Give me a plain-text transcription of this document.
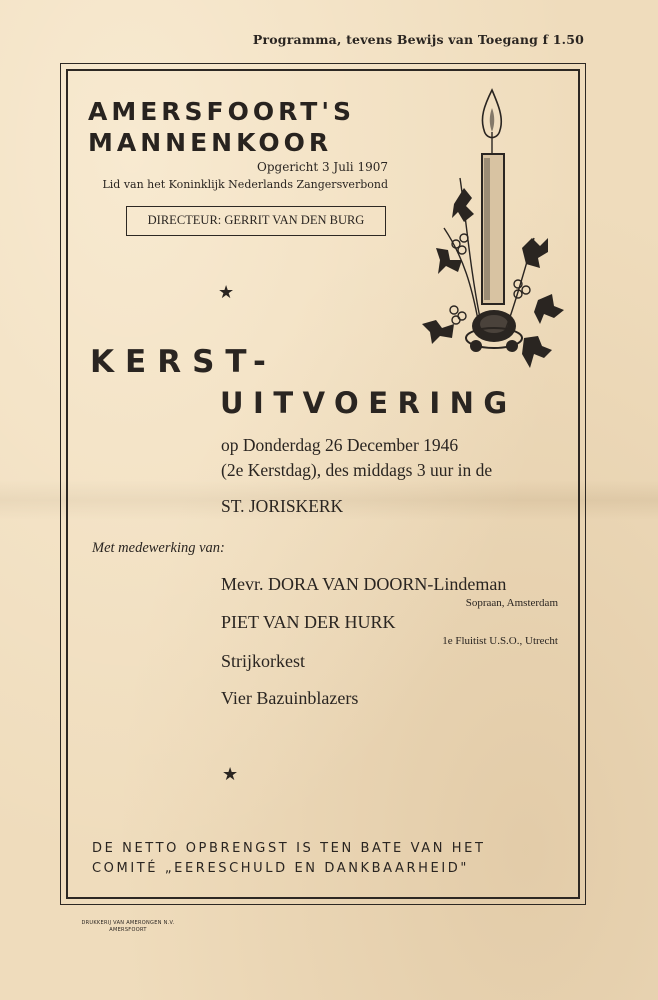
Programma, tevens Bewijs van Toegang f 1.50
AMERSFOORT'S
MANNENKOOR
Opgericht 3 Juli 1907
Lid van het Koninklijk Nederlands Zangersverbond
DIRECTEUR: GERRIT VAN DEN BURG
★
KERST-
UITVOERING
op Donderdag 26 December 1946
(2e Kerstdag), des middags 3 uur in de
ST. JORISKERK
Met medewerking van:
Mevr. DORA VAN DOORN-Lindeman
Sopraan, Amsterdam
PIET VAN DER HURK
1e Fluitist U.S.O., Utrecht
Strijkorkest
Vier Bazuinblazers
★
DE NETTO OPBRENGST IS TEN BATE VAN HET
COMITÉ „EERESCHULD EN DANKBAARHEID"
DRUKKERIJ VAN AMERONGEN N.V.
AMERSFOORT
